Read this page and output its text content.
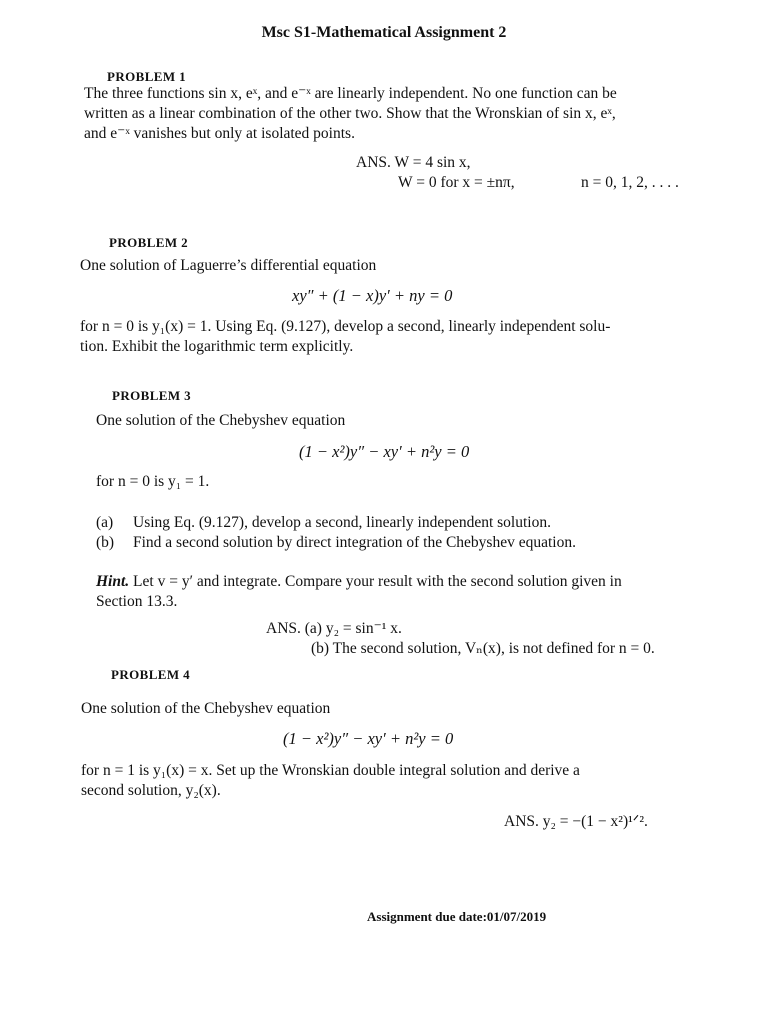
Msc S1-Mathematical Assignment 2
PROBLEM 1
The three functions sin x, eˣ, and e⁻ˣ are linearly independent. No one function can be
written as a linear combination of the other two. Show that the Wronskian of sin x, eˣ,
and e⁻ˣ vanishes but only at isolated points.
ANS. W = 4 sin x,
W = 0 for x = ±nπ,	n = 0, 1, 2, . . . .
PROBLEM 2
One solution of Laguerre’s differential equation
xy″ + (1 − x)y′ + ny = 0
for n = 0 is y₁(x) = 1. Using Eq. (9.127), develop a second, linearly independent solu-
tion. Exhibit the logarithmic term explicitly.
PROBLEM 3
One solution of the Chebyshev equation
(1 − x²)y″ − xy′ + n²y = 0
for n = 0 is y₁ = 1.
(a) Using Eq. (9.127), develop a second, linearly independent solution.
(b) Find a second solution by direct integration of the Chebyshev equation.
Hint. Let v = y′ and integrate. Compare your result with the second solution given in
Section 13.3.
ANS. (a) y₂ = sin⁻¹ x.
(b) The second solution, Vₙ(x), is not defined for n = 0.
PROBLEM 4
One solution of the Chebyshev equation
(1 − x²)y″ − xy′ + n²y = 0
for n = 1 is y₁(x) = x. Set up the Wronskian double integral solution and derive a
second solution, y₂(x).
ANS. y₂ = −(1 − x²)¹ᐟ².
Assignment due date:01/07/2019
